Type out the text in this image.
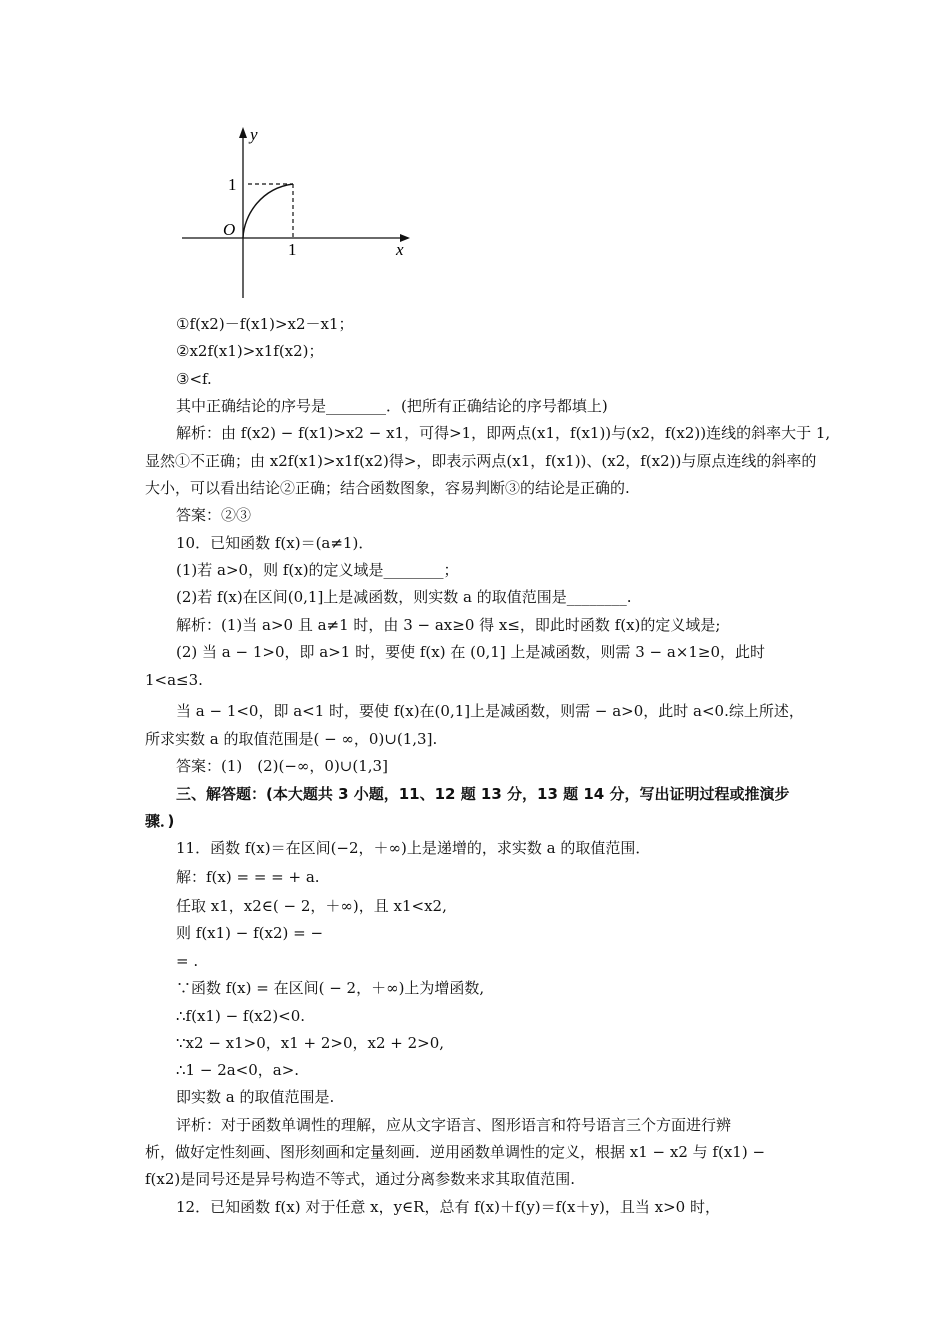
y
1
O
1	x
①f(x2)－f(x1)>x2－x1；
②x2f(x1)>x1f(x2)；
③<f.
其中正确结论的序号是________．(把所有正确结论的序号都填上)
解析：由 f(x2) − f(x1)>x2 − x1，可得>1，即两点(x1，f(x1))与(x2，f(x2))连线的斜率大于 1,
显然①不正确；由 x2f(x1)>x1f(x2)得>，即表示两点(x1，f(x1))、(x2，f(x2))与原点连线的斜率的
大小，可以看出结论②正确；结合函数图象，容易判断③的结论是正确的.
答案：②③
10．已知函数 f(x)＝(a≠1)．
(1)若 a>0，则 f(x)的定义域是________；
(2)若 f(x)在区间(0,1]上是减函数，则实数 a 的取值范围是________.
解析：(1)当 a>0 且 a≠1 时，由 3 − ax≥0 得 x≤，即此时函数 f(x)的定义域是;
(2) 当 a − 1>0，即 a>1 时，要使 f(x) 在 (0,1] 上是减函数，则需 3 − a×1≥0，此时
1<a≤3.
当 a − 1<0，即 a<1 时，要使 f(x)在(0,1]上是减函数，则需 − a>0，此时 a<0.综上所述，
所求实数 a 的取值范围是( − ∞，0)∪(1,3].
答案：(1)　(2)(−∞，0)∪(1,3]
三、解答题：(本大题共 3 小题，11、12 题 13 分，13 题 14 分，写出证明过程或推演步
骤．)
11．函数 f(x)＝在区间(−2，＋∞)上是递增的，求实数 a 的取值范围．
解：f(x) = = = + a.
任取 x1，x2∈( − 2，＋∞)，且 x1<x2,
则 f(x1) − f(x2) = −
= .
∵函数 f(x) = 在区间( − 2，＋∞)上为增函数,
∴f(x1) − f(x2)<0.
∵x2 − x1>0，x1 + 2>0，x2 + 2>0,
∴1 − 2a<0，a>.
即实数 a 的取值范围是.
评析：对于函数单调性的理解，应从文字语言、图形语言和符号语言三个方面进行辨
析，做好定性刻画、图形刻画和定量刻画．逆用函数单调性的定义，根据 x1 − x2 与 f(x1) −
f(x2)是同号还是异号构造不等式，通过分离参数来求其取值范围.
12．已知函数 f(x) 对于任意 x，y∈R，总有 f(x)＋f(y)＝f(x＋y)，且当 x>0 时，
